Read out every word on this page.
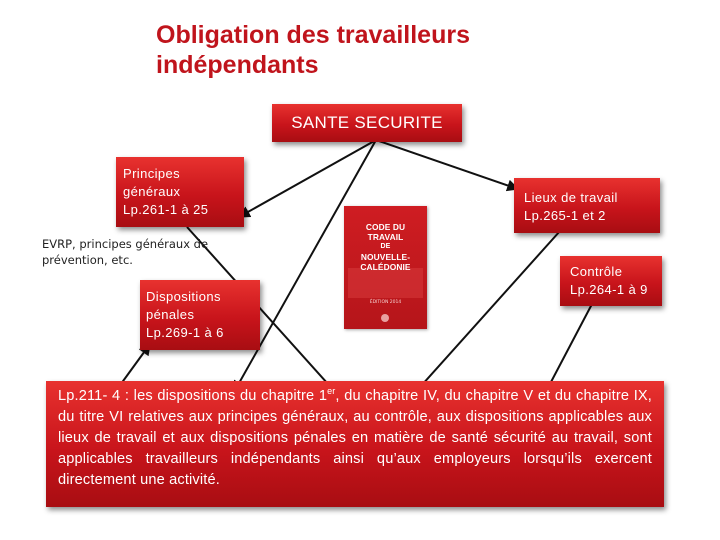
Obligation des travailleurs
indépendants
SANTE SECURITE
Principes
généraux
Lp.261-1 à 25
EVRP, principes généraux de
prévention, etc.
Dispositions
pénales
Lp.269-1 à 6
Lieux de travail
Lp.265-1 et 2
Contrôle
Lp.264-1 à 9
CODE DU TRAVAIL
DE
NOUVELLE-CALÉDONIE
ÉDITION 2014
Lp.211- 4 : les dispositions du chapitre 1er, du chapitre IV, du chapitre V et du chapitre IX, du titre VI relatives aux principes généraux, au contrôle, aux dispositions applicables aux lieux de travail et aux dispositions pénales en matière de santé sécurité au travail, sont applicables travailleurs indépendants ainsi qu’aux employeurs lorsqu’ils exercent directement une activité.
